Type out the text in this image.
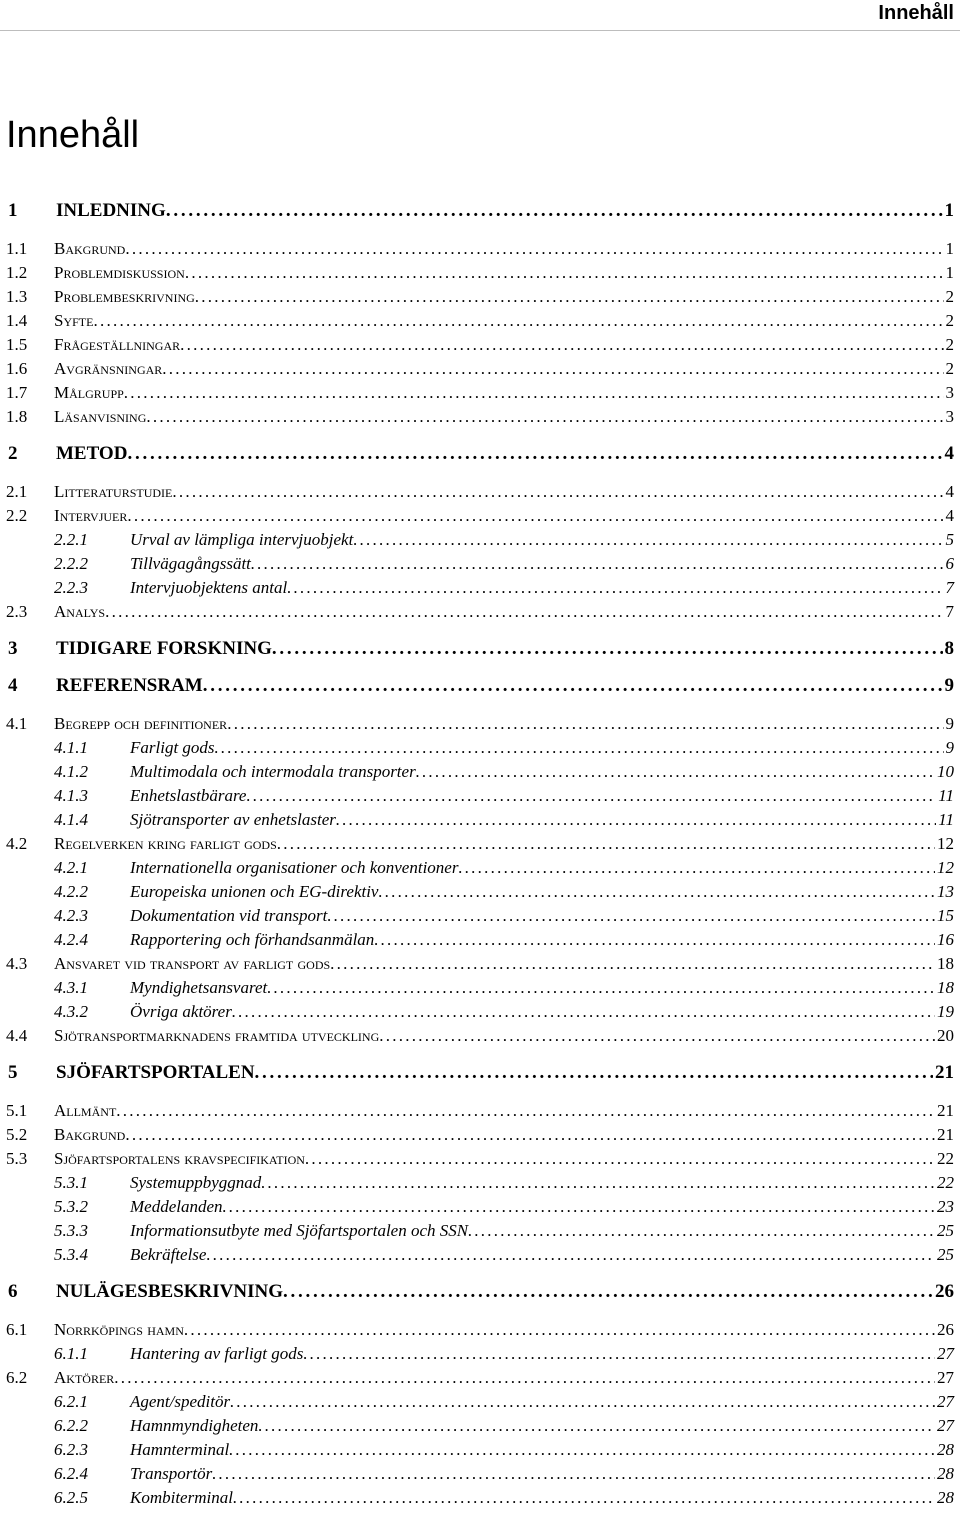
Innehåll
Innehåll
1	INLEDNING . . .	1
1.1	Bakgrund . . .	1
1.2	Problemdiskussion . . .	1
1.3	Problembeskrivning . . .	2
1.4	Syfte . . .	2
1.5	Frågeställningar . . .	2
1.6	Avgränsningar . . .	2
1.7	Målgrupp . . .	3
1.8	Läsanvisning . . .	3
2	METOD . . .	4
2.1	Litteraturstudie . . .	4
2.2	Intervjuer . . .	4
2.2.1	Urval av lämpliga intervjuobjekt . . .	5
2.2.2	Tillvägagångssätt . . .	6
2.2.3	Intervjuobjektens antal . . .	7
2.3	Analys . . .	7
3	TIDIGARE FORSKNING . . .	8
4	REFERENSRAM . . .	9
4.1	Begrepp och definitioner . . .	9
4.1.1	Farligt gods . . .	9
4.1.2	Multimodala och intermodala transporter . . .	10
4.1.3	Enhetslastbärare . . .	11
4.1.4	Sjötransporter av enhetslaster . . .	11
4.2	Regelverken kring farligt gods . . .	12
4.2.1	Internationella organisationer och konventioner . . .	12
4.2.2	Europeiska unionen och EG-direktiv . . .	13
4.2.3	Dokumentation vid transport . . .	15
4.2.4	Rapportering och förhandsanmälan . . .	16
4.3	Ansvaret vid transport av farligt gods . . .	18
4.3.1	Myndighetsansvaret . . .	18
4.3.2	Övriga aktörer . . .	19
4.4	Sjötransportmarknadens framtida utveckling . . .	20
5	SJÖFARTSPORTALEN . . .	21
5.1	Allmänt . . .	21
5.2	Bakgrund . . .	21
5.3	Sjöfartsportalens kravspecifikation . . .	22
5.3.1	Systemuppbyggnad . . .	22
5.3.2	Meddelanden . . .	23
5.3.3	Informationsutbyte med Sjöfartsportalen och SSN . . .	25
5.3.4	Bekräftelse . . .	25
6	NULÄGESBESKRIVNING . . .	26
6.1	Norrköpings hamn . . .	26
6.1.1	Hantering av farligt gods . . .	27
6.2	Aktörer . . .	27
6.2.1	Agent/speditör . . .	27
6.2.2	Hamnmyndigheten . . .	27
6.2.3	Hamnterminal . . .	28
6.2.4	Transportör . . .	28
6.2.5	Kombiterminal . . .	28
